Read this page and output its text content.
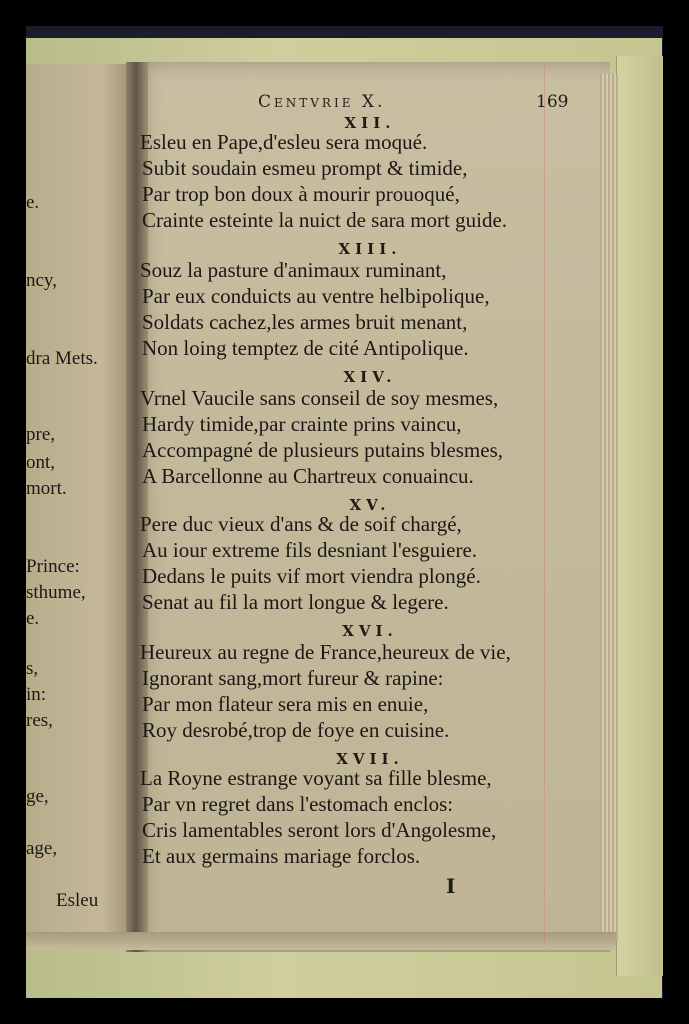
e.
ncy,
dra Mets.
pre,
ont,
mort.
Prince:
sthume,
e.
s,
in:
res,
ge,
age,
Esleu
Centvrie X.	169
XII.
Esleu en Pape,d'esleu sera moqué.
Subit soudain esmeu prompt & timide,
Par trop bon doux à mourir prouoqué,
Crainte esteinte la nuict de sara mort guide.
XIII.
Souz la pasture d'animaux ruminant,
Par eux conduicts au ventre helbipolique,
Soldats cachez,les armes bruit menant,
Non loing temptez de cité Antipolique.
XIV.
Vrnel Vaucile sans conseil de soy mesmes,
Hardy timide,par crainte prins vaincu,
Accompagné de plusieurs putains blesmes,
A Barcellonne au Chartreux conuaincu.
XV.
Pere duc vieux d'ans & de soif chargé,
Au iour extreme fils desniant l'esguiere.
Dedans le puits vif mort viendra plongé.
Senat au fil la mort longue & legere.
XVI.
Heureux au regne de France,heureux de vie,
Ignorant sang,mort fureur & rapine:
Par mon flateur sera mis en enuie,
Roy desrobé,trop de foye en cuisine.
XVII.
La Royne estrange voyant sa fille blesme,
Par vn regret dans l'estomach enclos:
Cris lamentables seront lors d'Angolesme,
Et aux germains mariage forclos.
I
